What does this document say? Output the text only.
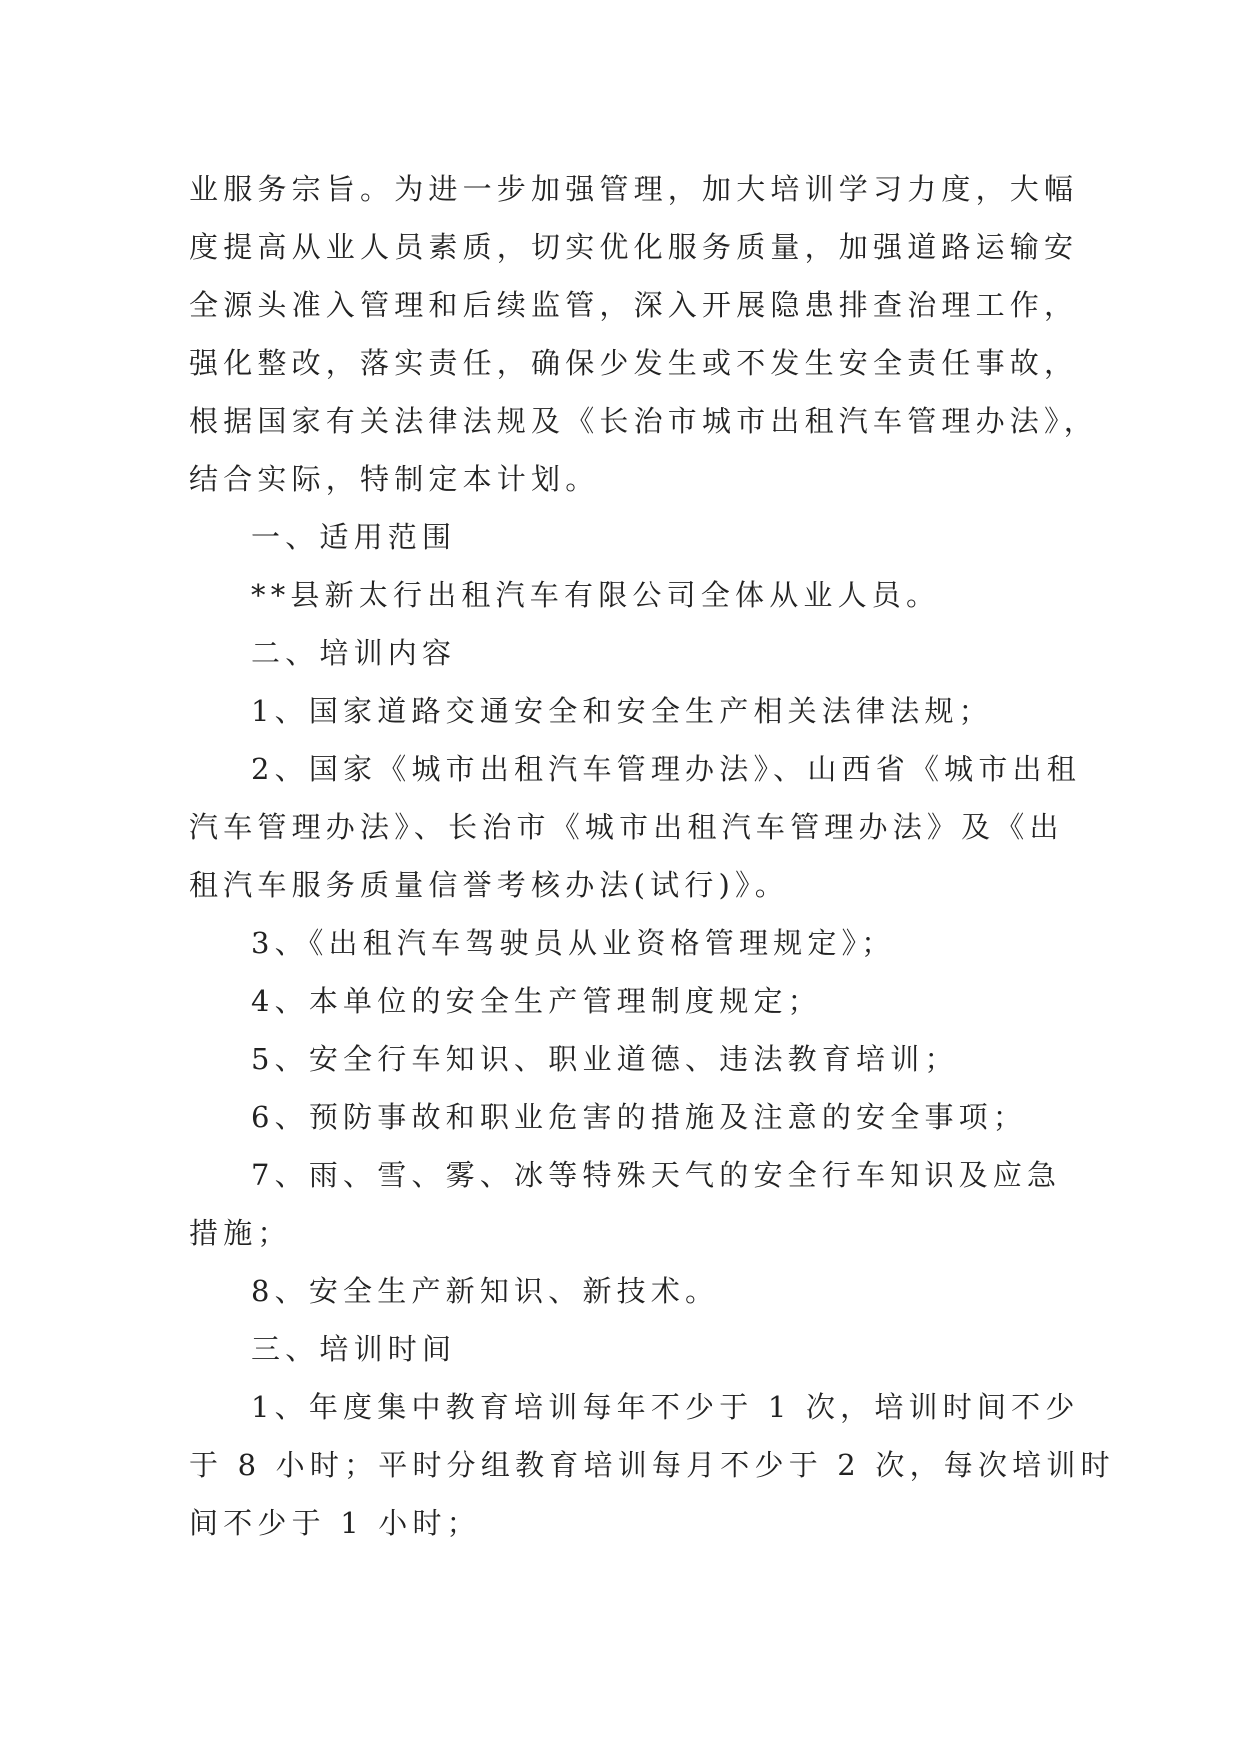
业服务宗旨。为进一步加强管理，加大培训学习力度，大幅
度提高从业人员素质，切实优化服务质量，加强道路运输安
全源头准入管理和后续监管，深入开展隐患排查治理工作，
强化整改，落实责任，确保少发生或不发生安全责任事故，
根据国家有关法律法规及《长治市城市出租汽车管理办法》，
结合实际，特制定本计划。
一、适用范围
**县新太行出租汽车有限公司全体从业人员。
二、培训内容
1、国家道路交通安全和安全生产相关法律法规；
2、国家《城市出租汽车管理办法》、山西省《城市出租
汽车管理办法》、长治市《城市出租汽车管理办法》及《出
租汽车服务质量信誉考核办法(试行)》。
3、《出租汽车驾驶员从业资格管理规定》；
4、本单位的安全生产管理制度规定；
5、安全行车知识、职业道德、违法教育培训；
6、预防事故和职业危害的措施及注意的安全事项；
7、雨、雪、雾、冰等特殊天气的安全行车知识及应急
措施；
8、安全生产新知识、新技术。
三、培训时间
1、年度集中教育培训每年不少于 1 次，培训时间不少
于 8 小时；平时分组教育培训每月不少于 2 次，每次培训时
间不少于 1 小时；
